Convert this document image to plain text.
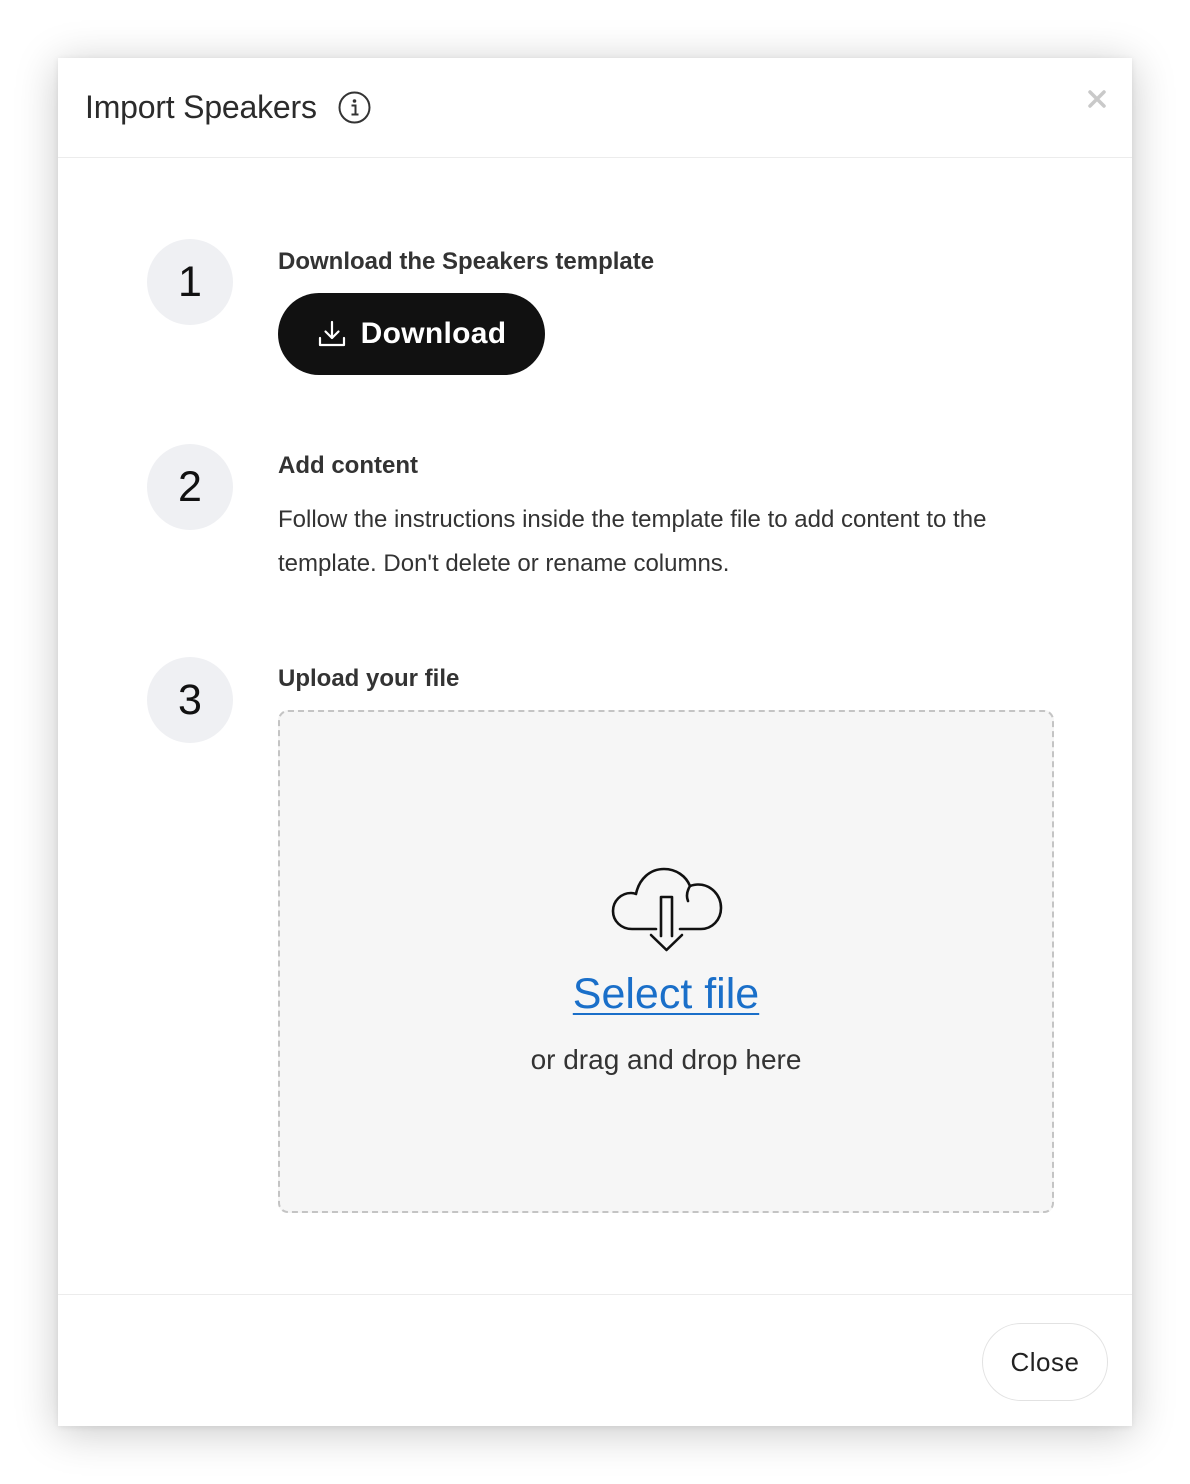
Import Speakers
1	Download the Speakers template
Download
2	Add content

Follow the instructions inside the template file to add content to the template. Don't delete or rename columns.

3	Upload your file
Select file
or drag and drop here
Close
